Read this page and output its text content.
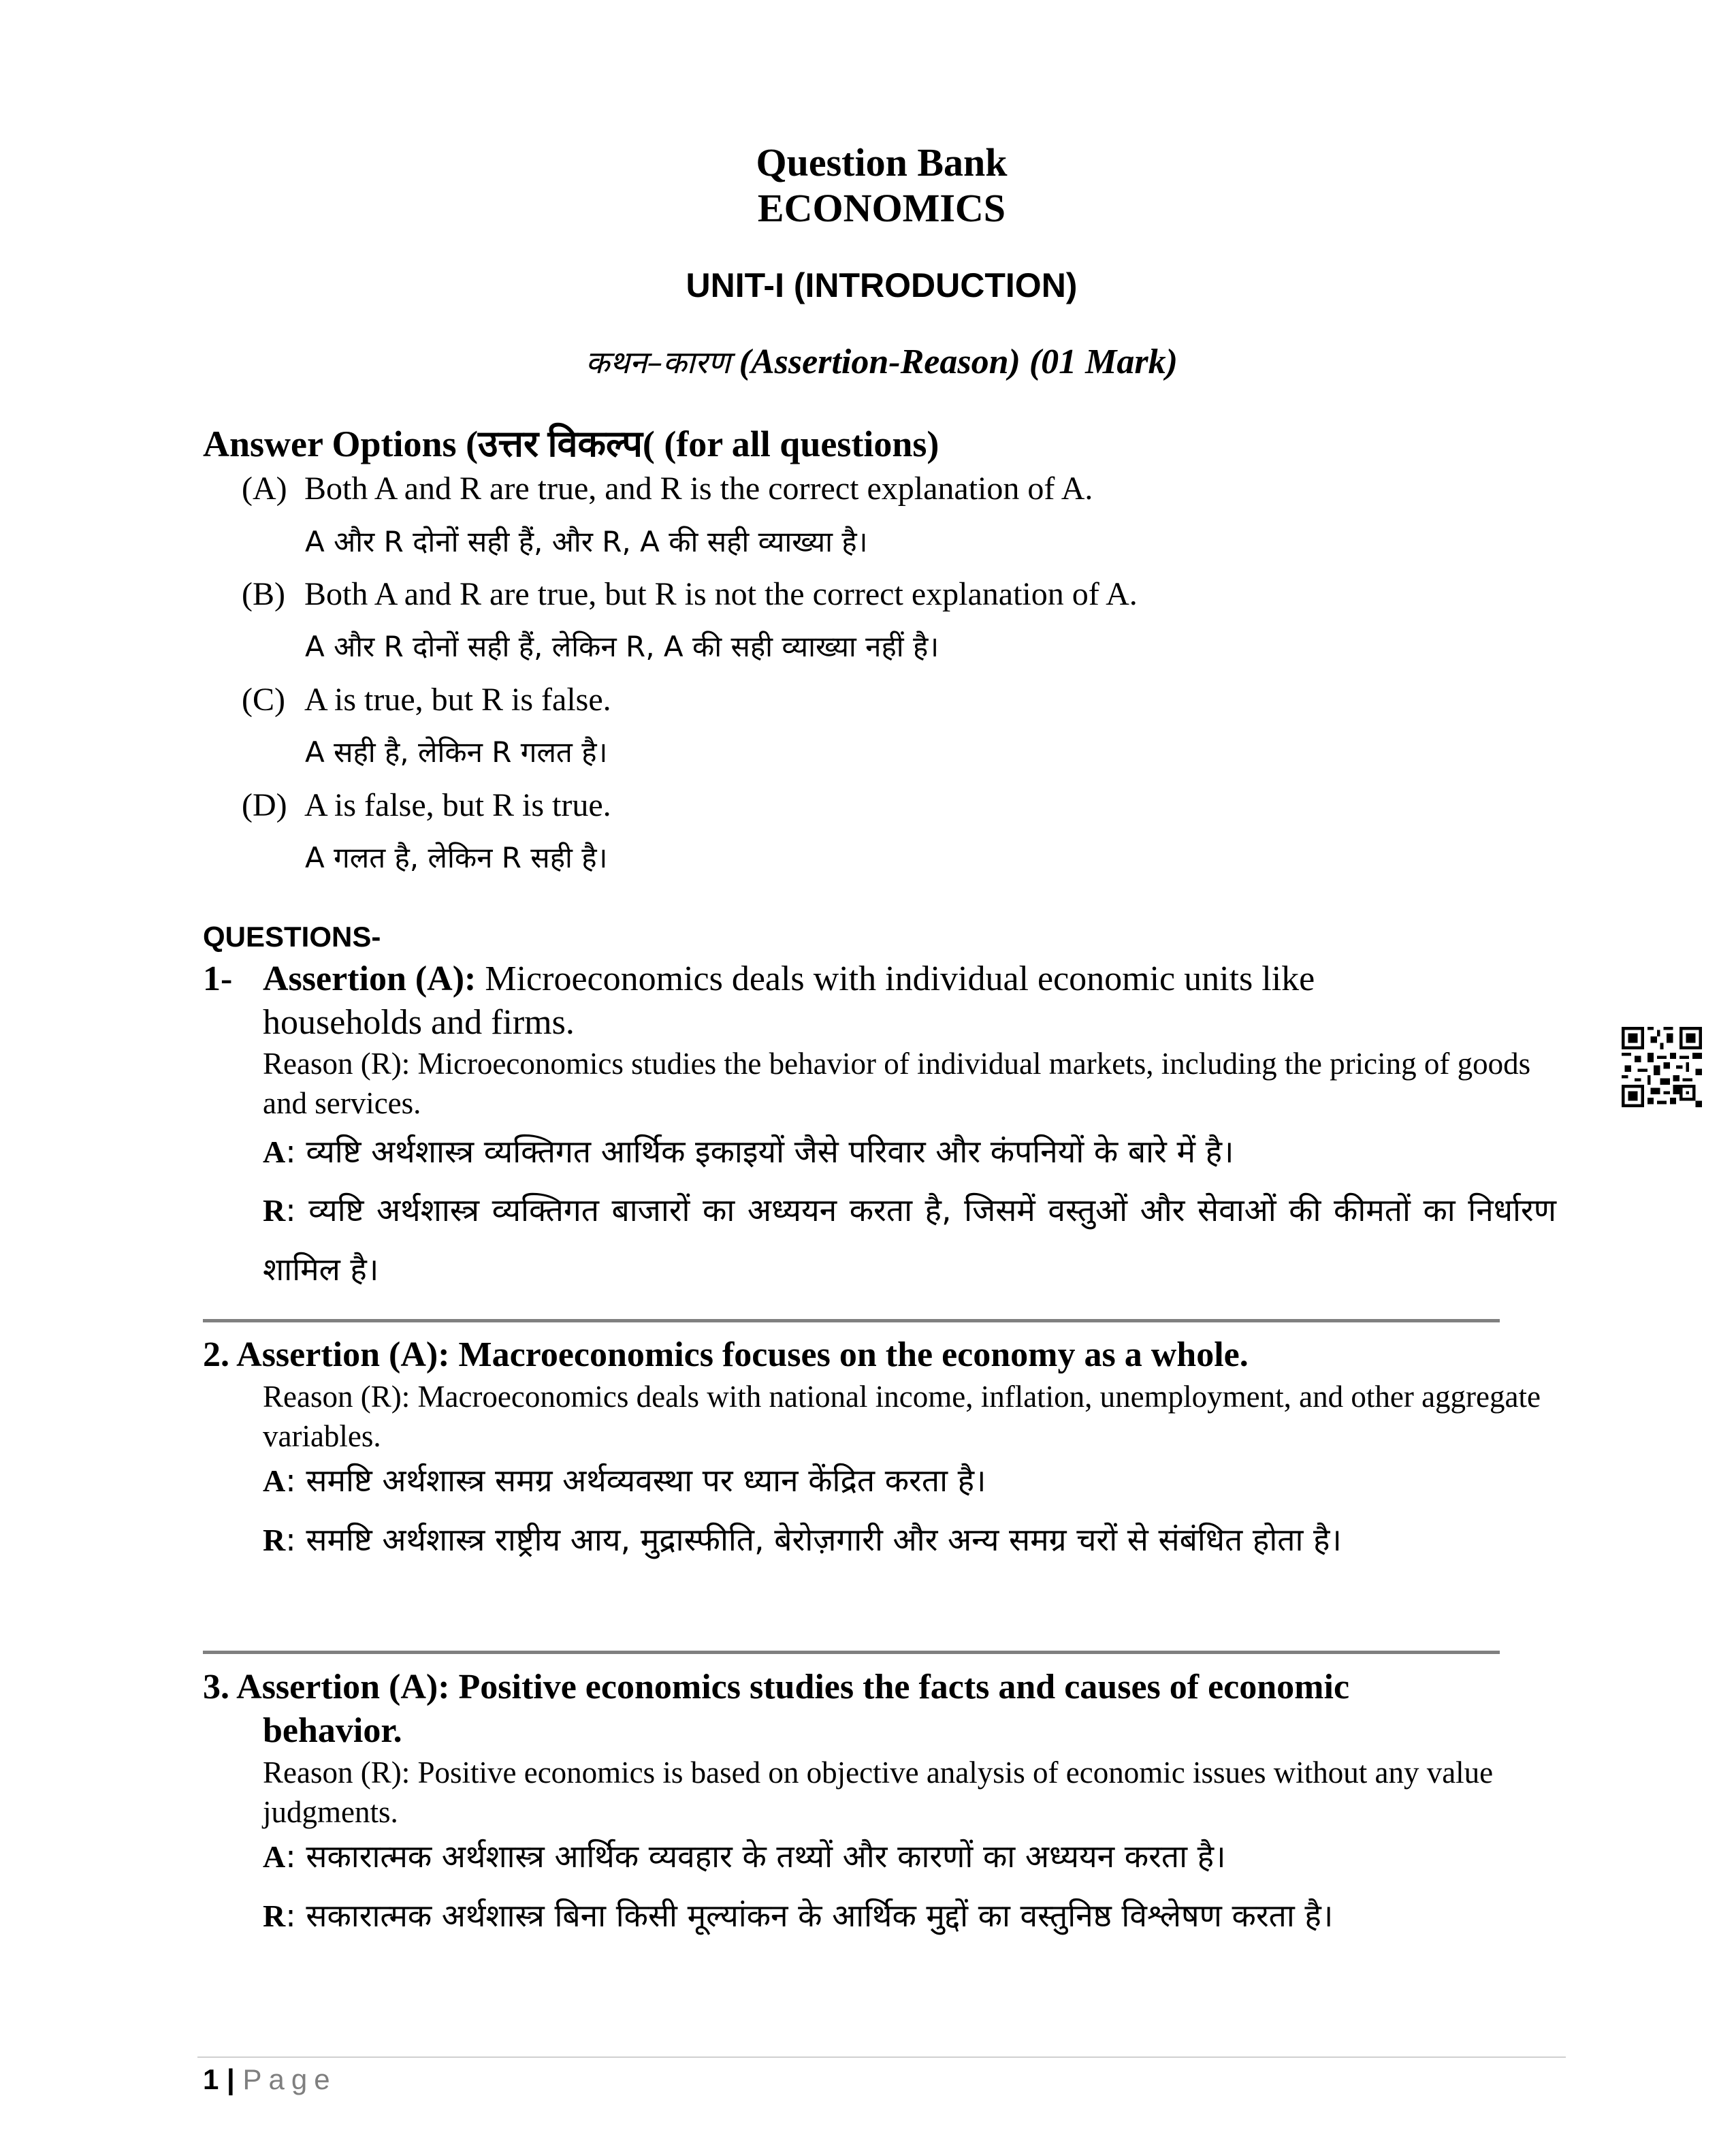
Question Bank
ECONOMICS
UNIT-I (INTRODUCTION)
कथन–कारण (Assertion-Reason) (01 Mark)
Answer Options (उत्तर विकल्प( (for all questions)
(A) Both A and R are true, and R is the correct explanation of A.
A और R दोनों सही हैं, और R, A की सही व्याख्या है।
(B) Both A and R are true, but R is not the correct explanation of A.
A और R दोनों सही हैं, लेकिन R, A की सही व्याख्या नहीं है।
(C) A is true, but R is false.
A सही है, लेकिन R गलत है।
(D) A is false, but R is true.
A गलत है, लेकिन R सही है।
QUESTIONS-
1- Assertion (A): Microeconomics deals with individual economic units like
households and firms.
Reason (R): Microeconomics studies the behavior of individual markets, including the pricing of goods and services.
A: व्यष्टि अर्थशास्त्र व्यक्तिगत आर्थिक इकाइयों जैसे परिवार और कंपनियों के बारे में है।
R: व्यष्टि अर्थशास्त्र व्यक्तिगत बाजारों का अध्ययन करता है, जिसमें वस्तुओं और सेवाओं की कीमतों का निर्धारण शामिल है।
2. Assertion (A): Macroeconomics focuses on the economy as a whole.
Reason (R): Macroeconomics deals with national income, inflation, unemployment, and other aggregate variables.
A: समष्टि अर्थशास्त्र समग्र अर्थव्यवस्था पर ध्यान केंद्रित करता है।
R: समष्टि अर्थशास्त्र राष्ट्रीय आय, मुद्रास्फीति, बेरोज़गारी और अन्य समग्र चरों से संबंधित होता है।
3. Assertion (A): Positive economics studies the facts and causes of economic
behavior.
Reason (R): Positive economics is based on objective analysis of economic issues without any value judgments.
A: सकारात्मक अर्थशास्त्र आर्थिक व्यवहार के तथ्यों और कारणों का अध्ययन करता है।
R: सकारात्मक अर्थशास्त्र बिना किसी मूल्यांकन के आर्थिक मुद्दों का वस्तुनिष्ठ विश्लेषण करता है।
1 | Page
